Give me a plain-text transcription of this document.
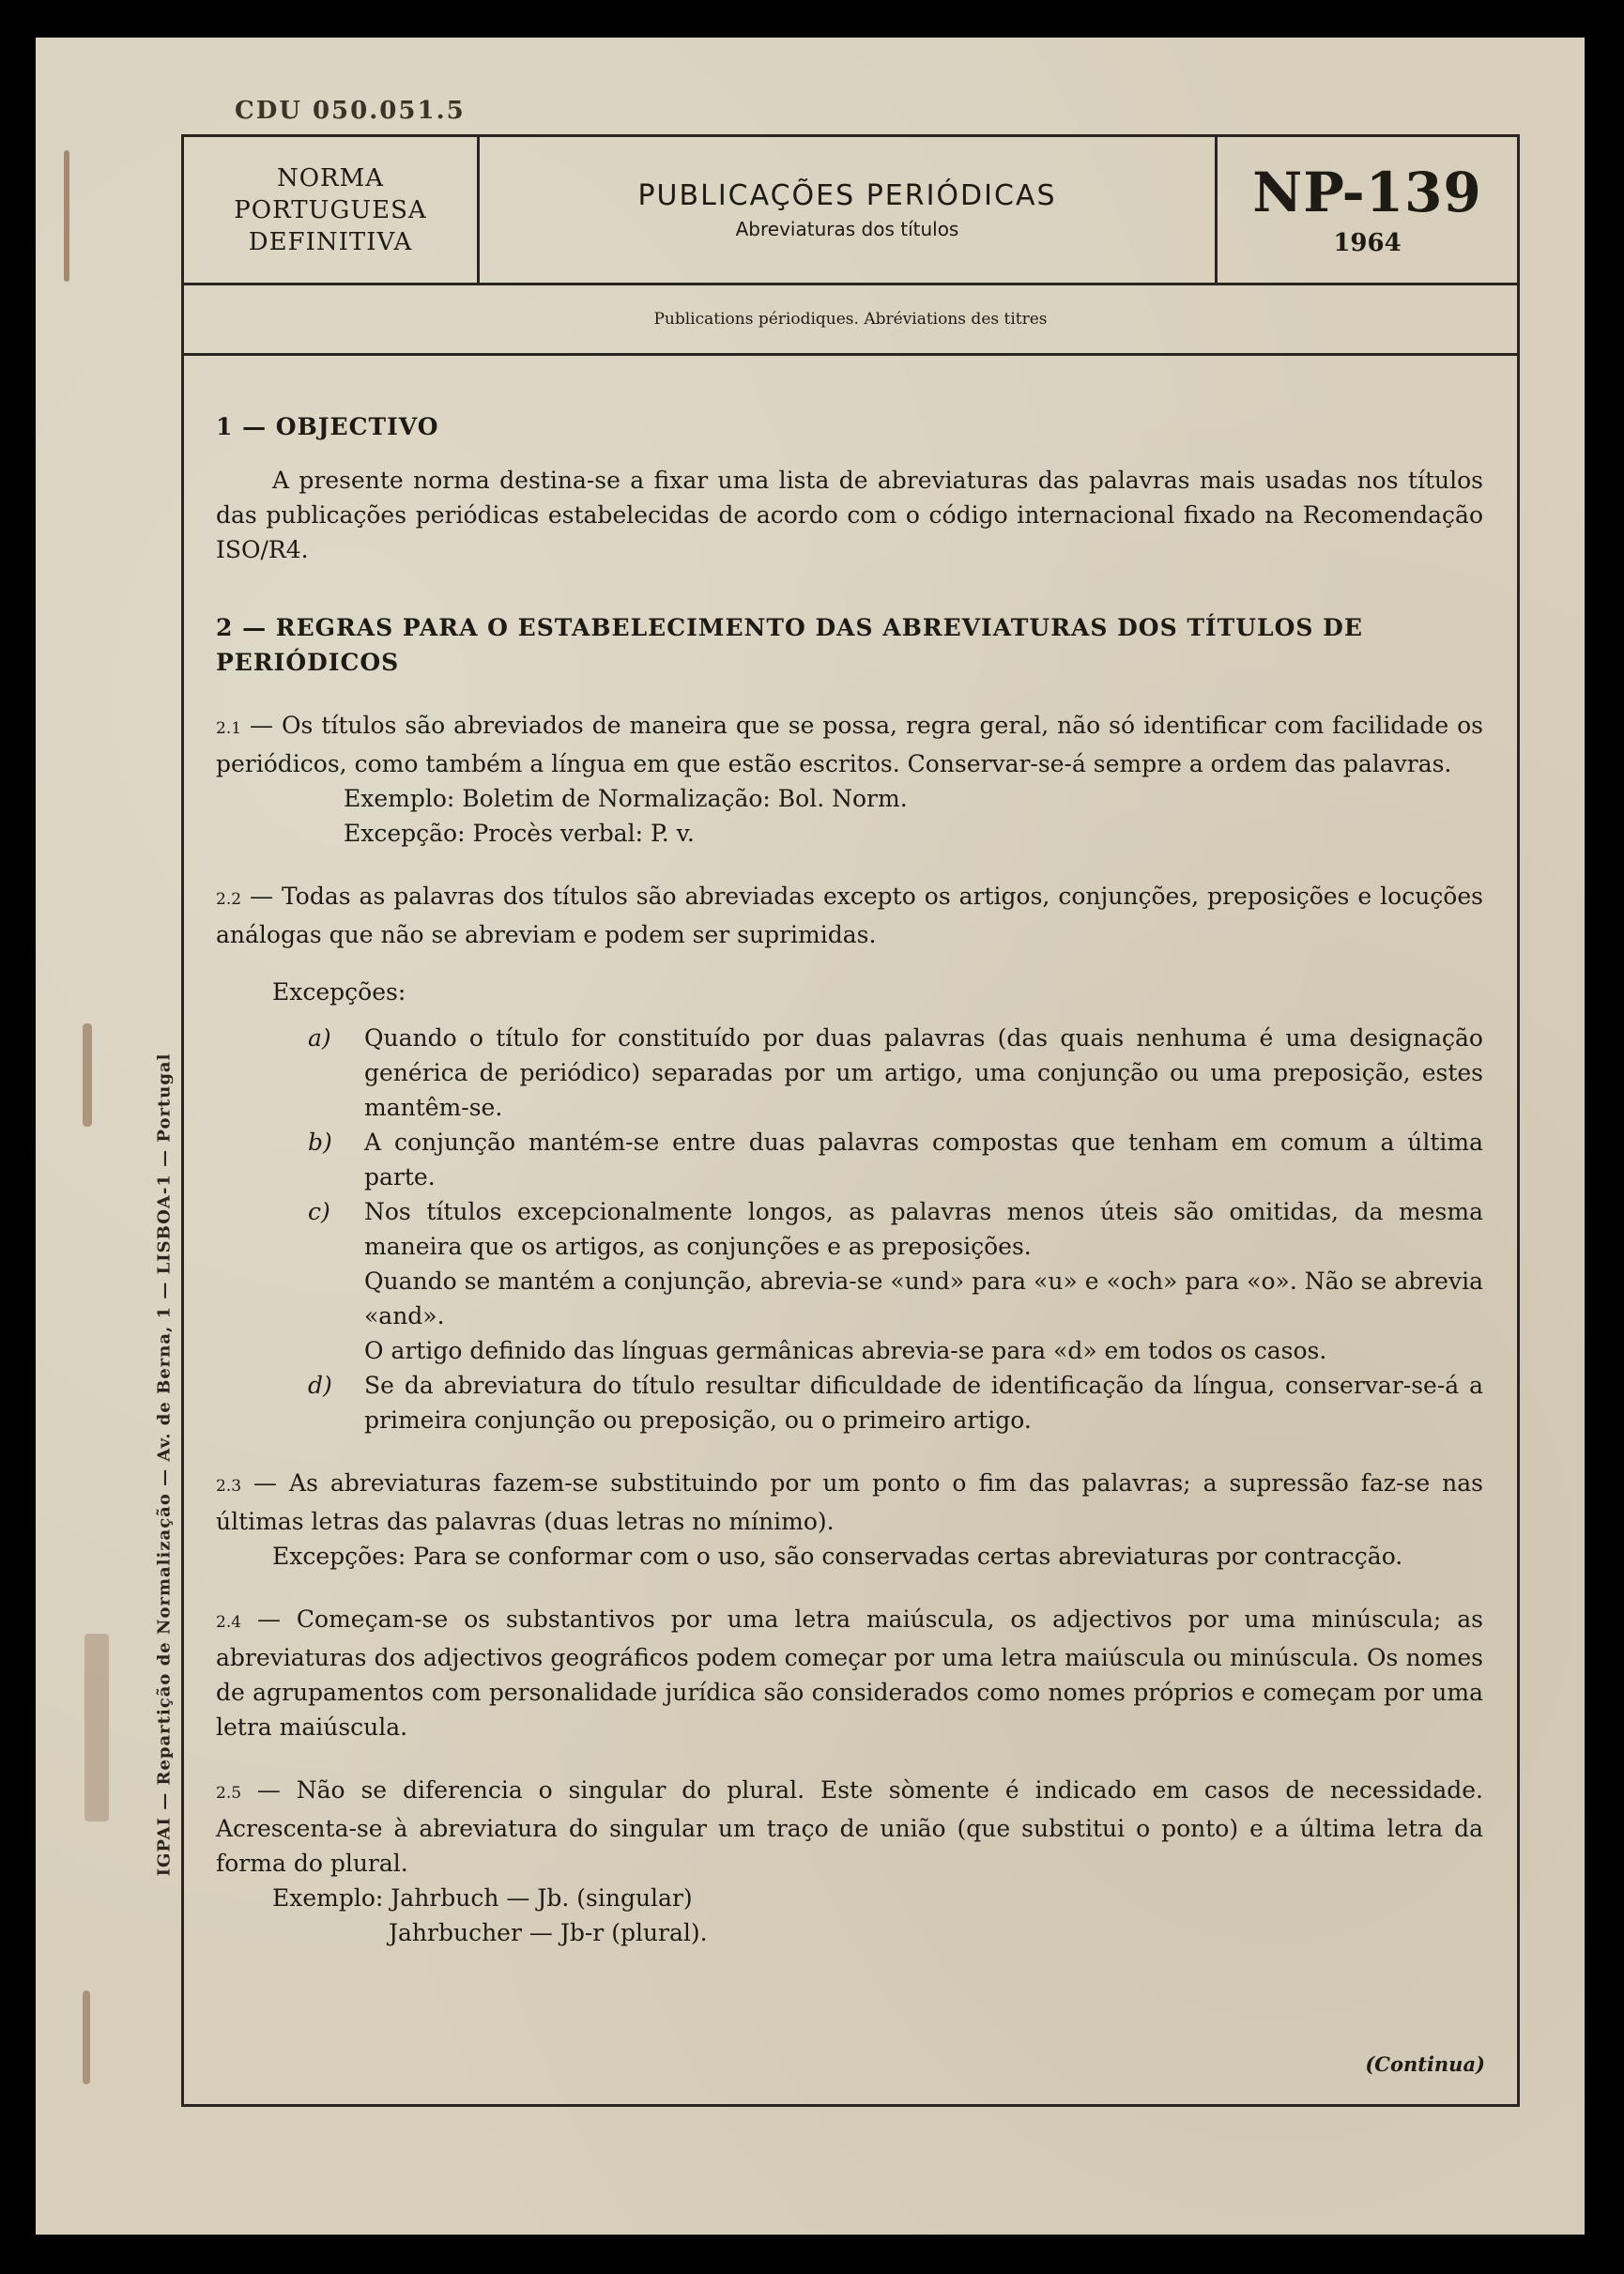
CDU 050.051.5
IGPAI — Repartição de Normalização — Av. de Berna, 1 — LISBOA-1 — Portugal
NORMA
PORTUGUESA
DEFINITIVA
PUBLICAÇÕES PERIÓDICAS
Abreviaturas dos títulos
NP-139
1964
Publications périodiques. Abréviations des titres
1 — OBJECTIVO
A presente norma destina-se a fixar uma lista de abreviaturas das palavras mais usadas nos títulos das publicações periódicas estabelecidas de acordo com o código internacional fixado na Recomendação ISO/R4.
2 — REGRAS PARA O ESTABELECIMENTO DAS ABREVIATURAS DOS TÍTULOS DE PERIÓDICOS
2.1 — Os títulos são abreviados de maneira que se possa, regra geral, não só identificar com facilidade os periódicos, como também a língua em que estão escritos. Conservar-se-á sempre a ordem das palavras.
Exemplo: Boletim de Normalização: Bol. Norm.
Excepção: Procès verbal: P. v.
2.2 — Todas as palavras dos títulos são abreviadas excepto os artigos, conjunções, preposições e locuções análogas que não se abreviam e podem ser suprimidas.
Excepções:
a)	Quando o título for constituído por duas palavras (das quais nenhuma é uma designação genérica de periódico) separadas por um artigo, uma conjunção ou uma preposição, estes mantêm-se.
b)	A conjunção mantém-se entre duas palavras compostas que tenham em comum a última parte.
c)	Nos títulos excepcionalmente longos, as palavras menos úteis são omitidas, da mesma maneira que os artigos, as conjunções e as preposições.
Quando se mantém a conjunção, abrevia-se «und» para «u» e «och» para «o». Não se abrevia «and».
O artigo definido das línguas germânicas abrevia-se para «d» em todos os casos.
d)	Se da abreviatura do título resultar dificuldade de identificação da língua, conservar-se-á a primeira conjunção ou preposição, ou o primeiro artigo.
2.3 — As abreviaturas fazem-se substituindo por um ponto o fim das palavras; a supressão faz-se nas últimas letras das palavras (duas letras no mínimo).
Excepções: Para se conformar com o uso, são conservadas certas abreviaturas por contracção.
2.4 — Começam-se os substantivos por uma letra maiúscula, os adjectivos por uma minúscula; as abreviaturas dos adjectivos geográficos podem começar por uma letra maiúscula ou minúscula. Os nomes de agrupamentos com personalidade jurídica são considerados como nomes próprios e começam por uma letra maiúscula.
2.5 — Não se diferencia o singular do plural. Este sòmente é indicado em casos de necessidade. Acrescenta-se à abreviatura do singular um traço de união (que substitui o ponto) e a última letra da forma do plural.
Exemplo: Jahrbuch — Jb. (singular)
Jahrbucher — Jb-r (plural).
(Continua)
